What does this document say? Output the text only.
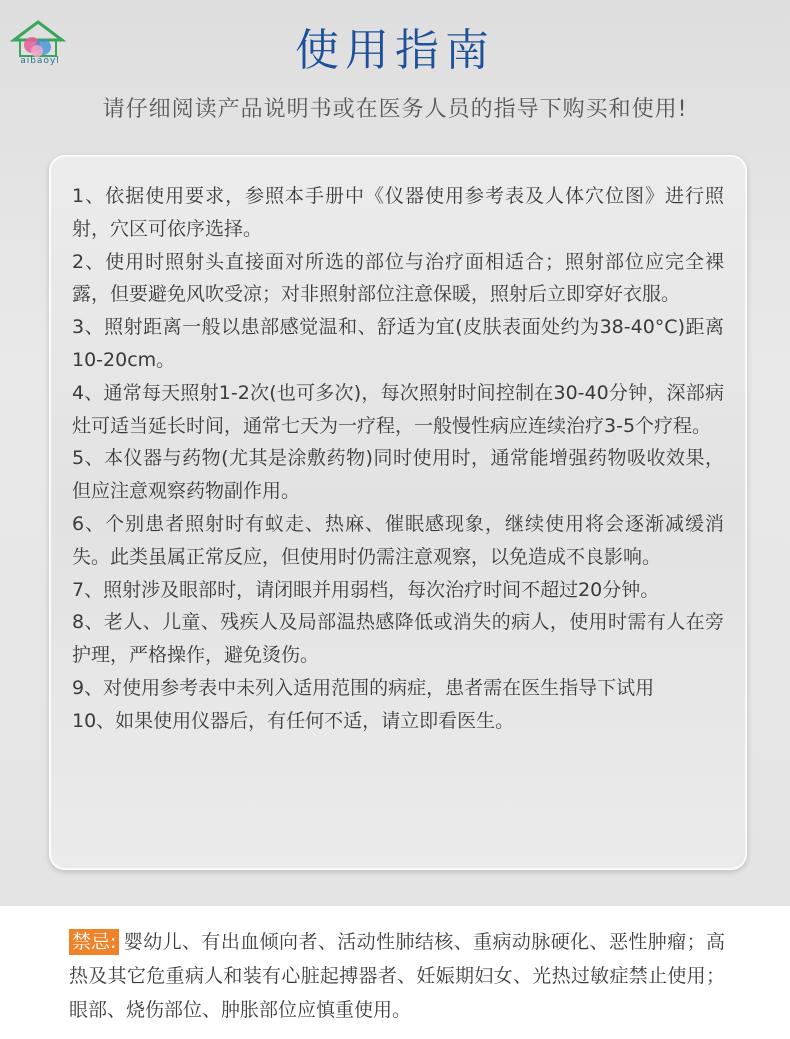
aibaoyl	使用指南
请仔细阅读产品说明书或在医务人员的指导下购买和使用!

1、依据使用要求，参照本手册中《仪器使用参考表及人体穴位图》进行照射，穴区可依序选择。

2、使用时照射头直接面对所选的部位与治疗面相适合；照射部位应完全裸露，但要避免风吹受凉；对非照射部位注意保暖，照射后立即穿好衣服。

3、照射距离一般以患部感觉温和、舒适为宜(皮肤表面处约为38-40°C)距离10-20cm。

4、通常每天照射1-2次(也可多次)，每次照射时间控制在30-40分钟，深部病灶可适当延长时间，通常七天为一疗程，一般慢性病应连续治疗3-5个疗程。

5、本仪器与药物(尤其是涂敷药物)同时使用时，通常能增强药物吸收效果，但应注意观察药物副作用。

6、个别患者照射时有蚁走、热麻、催眠感现象，继续使用将会逐渐减缓消失。此类虽属正常反应，但使用时仍需注意观察，以免造成不良影响。

7、照射涉及眼部时，请闭眼并用弱档，每次治疗时间不超过20分钟。

8、老人、儿童、残疾人及局部温热感降低或消失的病人，使用时需有人在旁护理，严格操作，避免烫伤。

9、对使用参考表中未列入适用范围的病症，患者需在医生指导下试用

10、如果使用仪器后，有任何不适，请立即看医生。

禁忌: 婴幼儿、有出血倾向者、活动性肺结核、重病动脉硬化、恶性肿瘤；高热及其它危重病人和装有心脏起搏器者、妊娠期妇女、光热过敏症禁止使用；眼部、烧伤部位、肿胀部位应慎重使用。
